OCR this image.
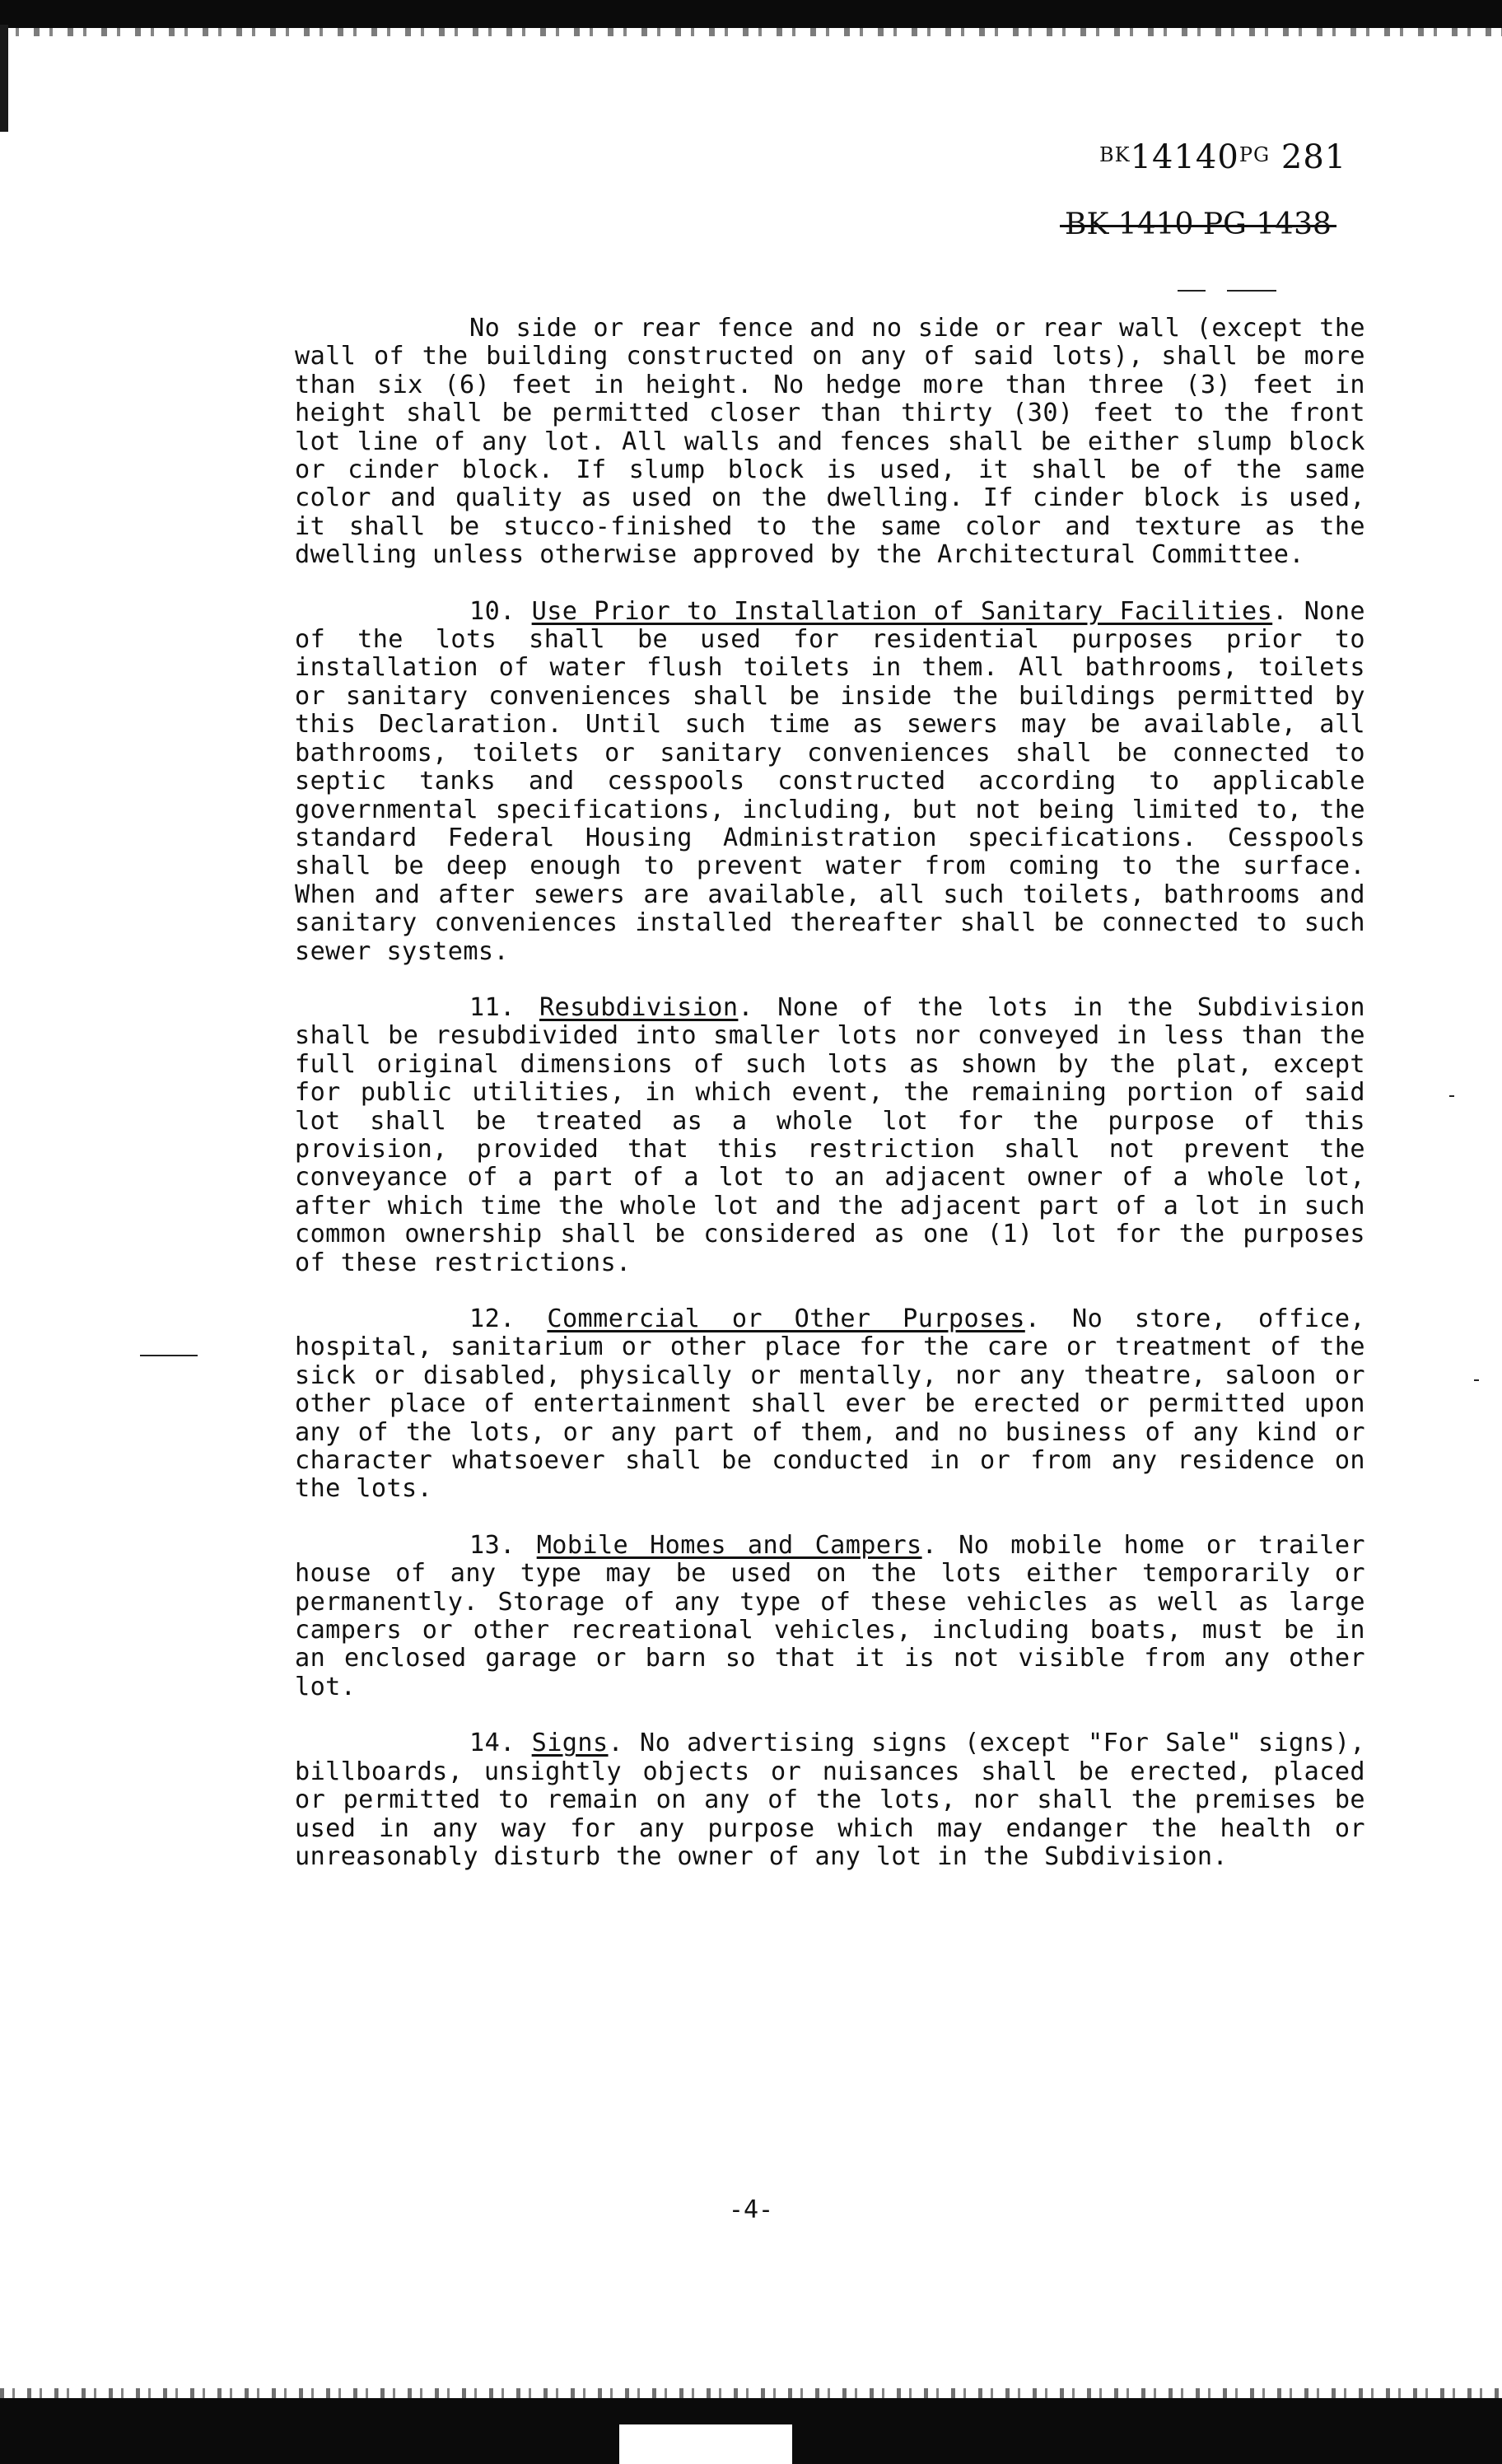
$^{BK}14140^{PG}$ 281
BK 1410 PG 1438

No side or rear fence and no side or rear wall (except the wall of the building constructed on any of said lots), shall be more than six (6) feet in height. No hedge more than three (3) feet in height shall be permitted closer than thirty (30) feet to the front lot line of any lot. All walls and fences shall be either slump block or cinder block. If slump block is used, it shall be of the same color and quality as used on the dwelling. If cinder block is used, it shall be stucco-finished to the same color and texture as the dwelling unless otherwise approved by the Architectural Committee.

10. Use Prior to Installation of Sanitary Facilities. None of the lots shall be used for residential purposes prior to installation of water flush toilets in them. All bathrooms, toilets or sanitary conveniences shall be inside the buildings permitted by this Declaration. Until such time as sewers may be available, all bathrooms, toilets or sanitary conveniences shall be connected to septic tanks and cesspools constructed according to applicable governmental specifications, including, but not being limited to, the standard Federal Housing Administration specifications. Cesspools shall be deep enough to prevent water from coming to the surface. When and after sewers are available, all such toilets, bathrooms and sanitary conveniences installed thereafter shall be connected to such sewer systems.

11. Resubdivision. None of the lots in the Subdivision shall be resubdivided into smaller lots nor conveyed in less than the full original dimensions of such lots as shown by the plat, except for public utilities, in which event, the remaining portion of said lot shall be treated as a whole lot for the purpose of this provision, provided that this restriction shall not prevent the conveyance of a part of a lot to an adjacent owner of a whole lot, after which time the whole lot and the adjacent part of a lot in such common ownership shall be considered as one (1) lot for the purposes of these restrictions.

12. Commercial or Other Purposes. No store, office, hospital, sanitarium or other place for the care or treatment of the sick or disabled, physically or mentally, nor any theatre, saloon or other place of entertainment shall ever be erected or permitted upon any of the lots, or any part of them, and no business of any kind or character whatsoever shall be conducted in or from any residence on the lots.

13. Mobile Homes and Campers. No mobile home or trailer house of any type may be used on the lots either temporarily or permanently. Storage of any type of these vehicles as well as large campers or other recreational vehicles, including boats, must be in an enclosed garage or barn so that it is not visible from any other lot.

14. Signs. No advertising signs (except "For Sale" signs), billboards, unsightly objects or nuisances shall be erected, placed or permitted to remain on any of the lots, nor shall the premises be used in any way for any purpose which may endanger the health or unreasonably disturb the owner of any lot in the Subdivision.

-4-
